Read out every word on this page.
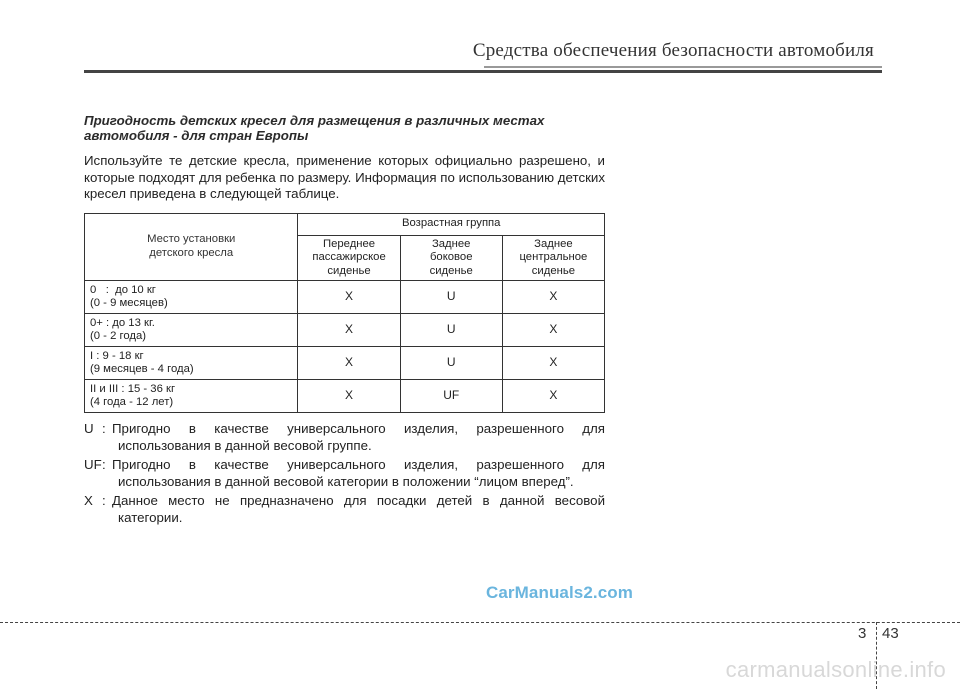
Средства обеспечения безопасности автомобиля

Пригодность детских кресел для размещения в различных местах
автомобиля - для стран Европы

Используйте те детские кресла, применение которых официально разрешено, и которые подходят для ребенка по размеру. Информация по использованию детских кресел приведена в следующей таблице.

Место установки
детского кресла	Возрастная группа		
	Переднее
пассажирское
сиденье	Заднее
боковое
сиденье	Заднее
центральное
сиденье
0   :  до 10 кг
(0 - 9 месяцев)	X	U	X
0+ : до 13 кг.
(0 - 2 года)	X	U	X
I : 9 - 18 кг
(9 месяцев - 4 года)	X	U	X
II и III : 15 - 36 кг
(4 года - 12 лет)	X	UF	X
U : Пригодно в качестве универсального изделия, разрешенного для
использования в данной весовой группе.
UF : Пригодно в качестве универсального изделия, разрешенного для
использования в данной весовой категории в положении “лицом вперед”.
X : Данное место не предназначено для посадки детей в данной весовой
категории.
CarManuals2.com
3 43
carmanualsonline.info
